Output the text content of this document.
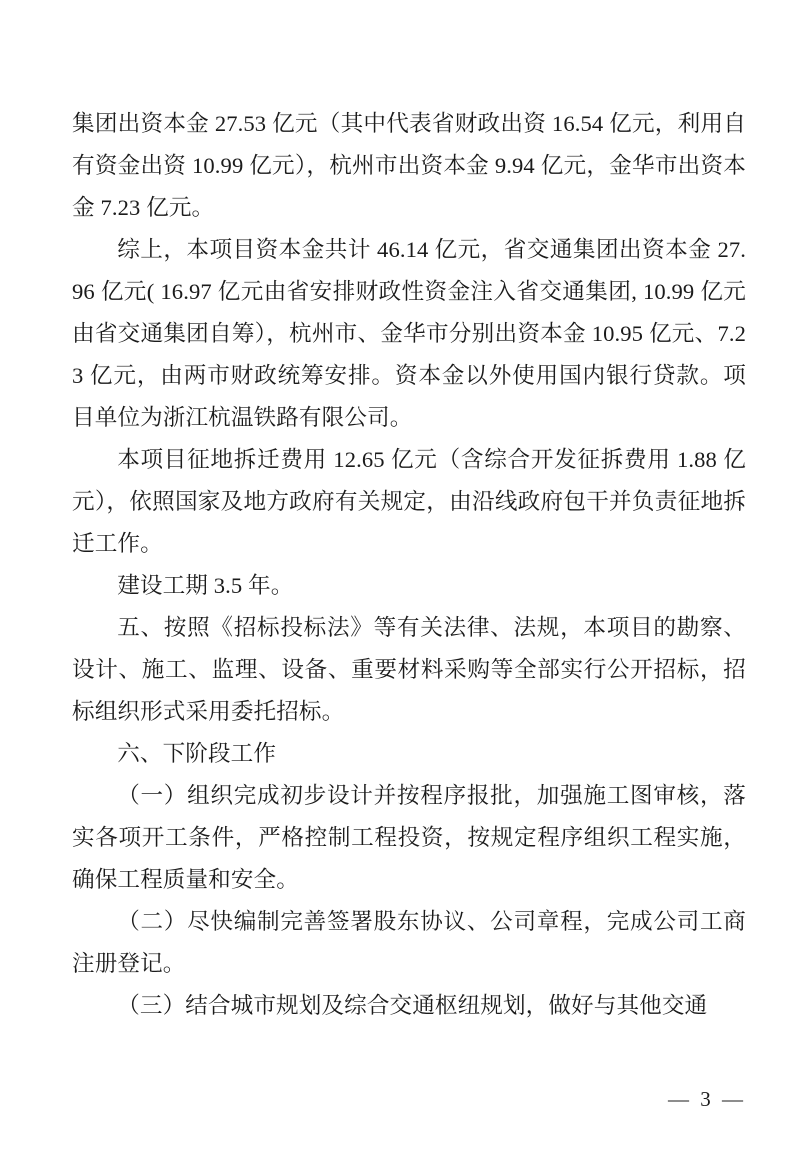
集团出资本金 27.53 亿元（其中代表省财政出资 16.54 亿元，利用自有资金出资 10.99 亿元），杭州市出资本金 9.94 亿元，金华市出资本金 7.23 亿元。

综上，本项目资本金共计 46.14 亿元，省交通集团出资本金 27.96 亿元( 16.97 亿元由省安排财政性资金注入省交通集团, 10.99 亿元由省交通集团自筹），杭州市、金华市分别出资本金 10.95 亿元、7.23 亿元，由两市财政统筹安排。资本金以外使用国内银行贷款。项目单位为浙江杭温铁路有限公司。

本项目征地拆迁费用 12.65 亿元（含综合开发征拆费用 1.88 亿元），依照国家及地方政府有关规定，由沿线政府包干并负责征地拆迁工作。

建设工期 3.5 年。

五、按照《招标投标法》等有关法律、法规，本项目的勘察、设计、施工、监理、设备、重要材料采购等全部实行公开招标，招标组织形式采用委托招标。

六、下阶段工作

（一）组织完成初步设计并按程序报批，加强施工图审核，落实各项开工条件，严格控制工程投资，按规定程序组织工程实施，确保工程质量和安全。

（二）尽快编制完善签署股东协议、公司章程，完成公司工商注册登记。

（三）结合城市规划及综合交通枢纽规划，做好与其他交通

— 3 —
